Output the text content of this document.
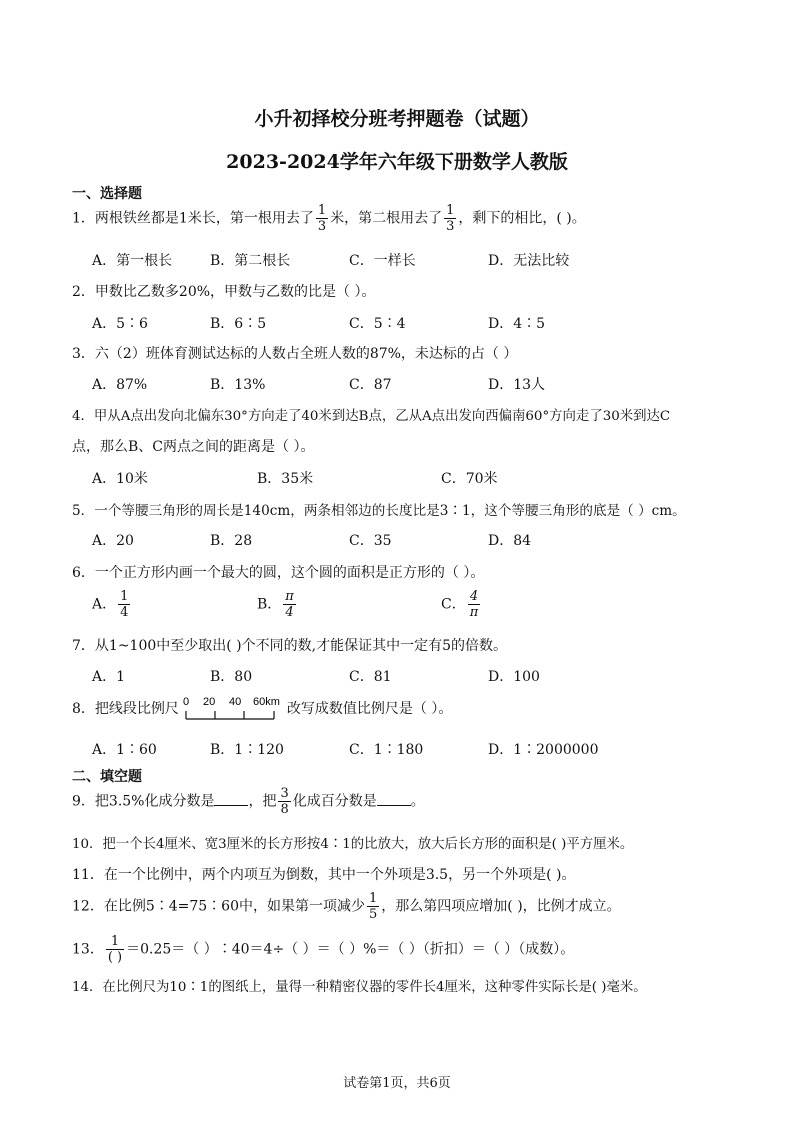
小升初择校分班考押题卷（试题）
2023-2024学年六年级下册数学人教版
一、选择题
1．两根铁丝都是1米长，第一根用去了 $\frac{1}{3}$ 米，第二根用去了 $\frac{1}{3}$ ，剩下的相比，( )。
A．第一根长	B．第二根长	C．一样长	D．无法比较
2．甲数比乙数多20%，甲数与乙数的比是（ ）。
A．5∶6	B．6∶5	C．5∶4	D．4∶5
3．六（2）班体育测试达标的人数占全班人数的87%，未达标的占（ ）
A．87%	B．13%	C．87	D．13人
4．甲从A点出发向北偏东30°方向走了40米到达B点，乙从A点出发向西偏南60°方向走了30米到达C
点，那么B、C两点之间的距离是（ ）。
A．10米	B．35米	C．70米
5．一个等腰三角形的周长是140cm，两条相邻边的长度比是3∶1，这个等腰三角形的底是（ ）cm。
A．20	B．28	C．35	D．84
6．一个正方形内画一个最大的圆，这个圆的面积是正方形的（ ）。
A． $\frac{1}{4}$	B． $\frac{\pi}{4}$	C． $\frac{4}{\pi}$
7．从1~100中至少取出( )个不同的数,才能保证其中一定有5的倍数。
A．1	B．80	C．81	D．100
8．把线段比例尺 0 20 40 60km 改写成数值比例尺是（ ）。
A．1∶60	B．1∶120	C．1∶180	D．1∶2000000
二、填空题
9．把3.5%化成分数是 ，把 $\frac{3}{8}$ 化成百分数是 。
10．把一个长4厘米、宽3厘米的长方形按4∶1的比放大，放大后长方形的面积是( )平方厘米。
11．在一个比例中，两个内项互为倒数，其中一个外项是3.5，另一个外项是( )。
12．在比例5∶4=75∶60中，如果第一项减少 $\frac{1}{5}$ ，那么第四项应增加( )，比例才成立。
13． $\frac{1}{( )} =0.25=$（ ）∶40＝4÷（ ）＝（ ）%＝（ ）（折扣）＝（ ）（成数）。
14．在比例尺为10∶1的图纸上，量得一种精密仪器的零件长4厘米，这种零件实际长是( )毫米。
试卷第1页，共6页
